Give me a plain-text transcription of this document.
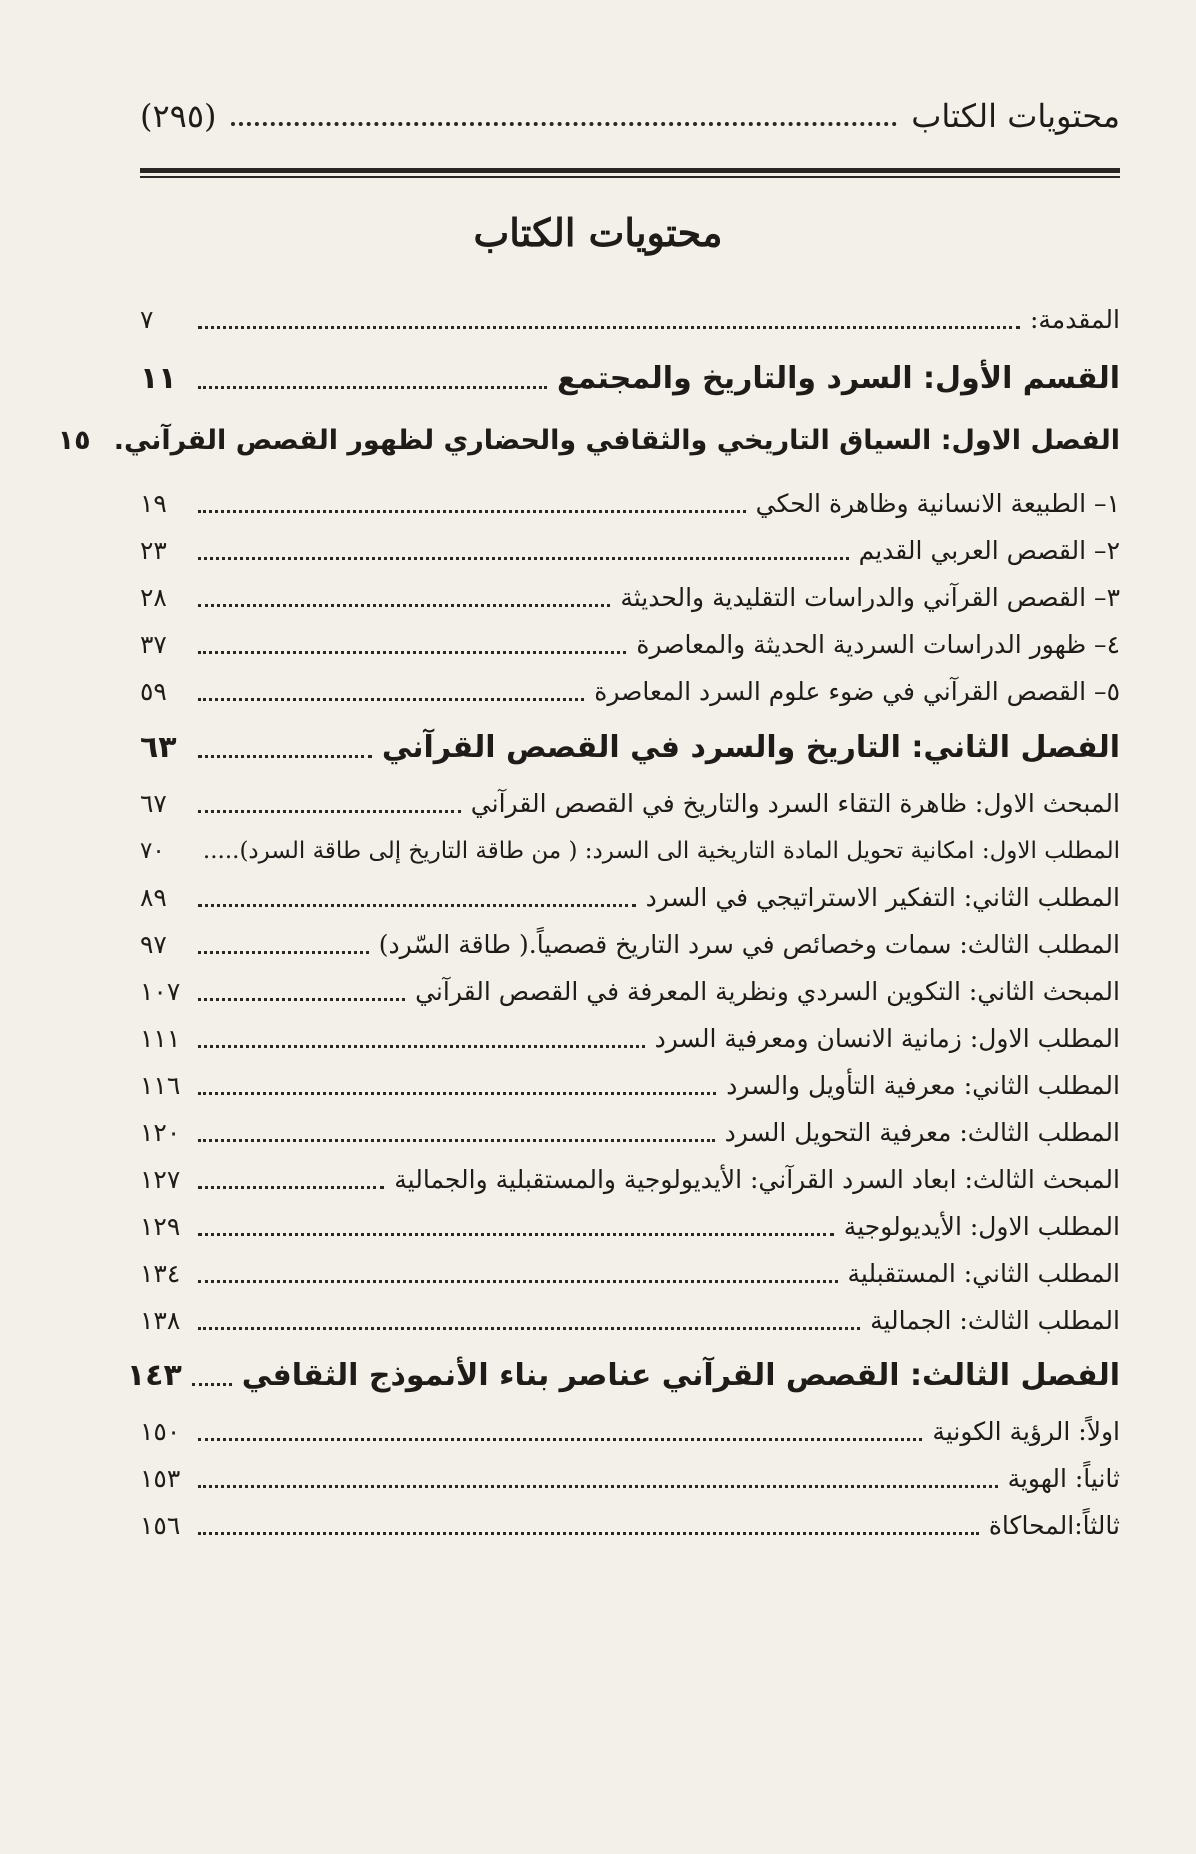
(٢٩٥)	محتويات الكتاب
محتويات الكتاب
المقدمة:
٧
القسم الأول: السرد والتاريخ والمجتمع
١١
الفصل الاول: السياق التاريخي والثقافي والحضاري لظهور القصص القرآني.
١٥
١– الطبيعة الانسانية وظاهرة الحكي
١٩
٢– القصص العربي القديم
٢٣
٣– القصص القرآني والدراسات التقليدية والحديثة
٢٨
٤– ظهور الدراسات السردية الحديثة والمعاصرة
٣٧
٥– القصص القرآني في ضوء علوم السرد المعاصرة
٥٩
الفصل الثاني: التاريخ والسرد في القصص القرآني
٦٣
المبحث الاول: ظاهرة التقاء السرد والتاريخ في القصص القرآني
٦٧
المطلب الاول: امكانية تحويل المادة التاريخية الى السرد: ( من طاقة التاريخ إلى طاقة السرد).....
٧٠
المطلب الثاني: التفكير الاستراتيجي في السرد
٨٩
المطلب الثالث: سمات وخصائص في سرد التاريخ قصصياً.( طاقة السّرد)
٩٧
المبحث الثاني: التكوين السردي ونظرية المعرفة في القصص القرآني
١٠٧
المطلب الاول: زمانية الانسان ومعرفية السرد
١١١
المطلب الثاني: معرفية التأويل والسرد
١١٦
المطلب الثالث: معرفية التحويل السرد
١٢٠
المبحث الثالث: ابعاد السرد القرآني: الأيديولوجية والمستقبلية والجمالية
١٢٧
المطلب الاول: الأيديولوجية
١٢٩
المطلب الثاني: المستقبلية
١٣٤
المطلب الثالث: الجمالية
١٣٨
الفصل الثالث: القصص القرآني عناصر بناء الأنموذج الثقافي
١٤٣
اولاً: الرؤية الكونية
١٥٠
ثانياً: الهوية
١٥٣
ثالثاً:المحاكاة
١٥٦
